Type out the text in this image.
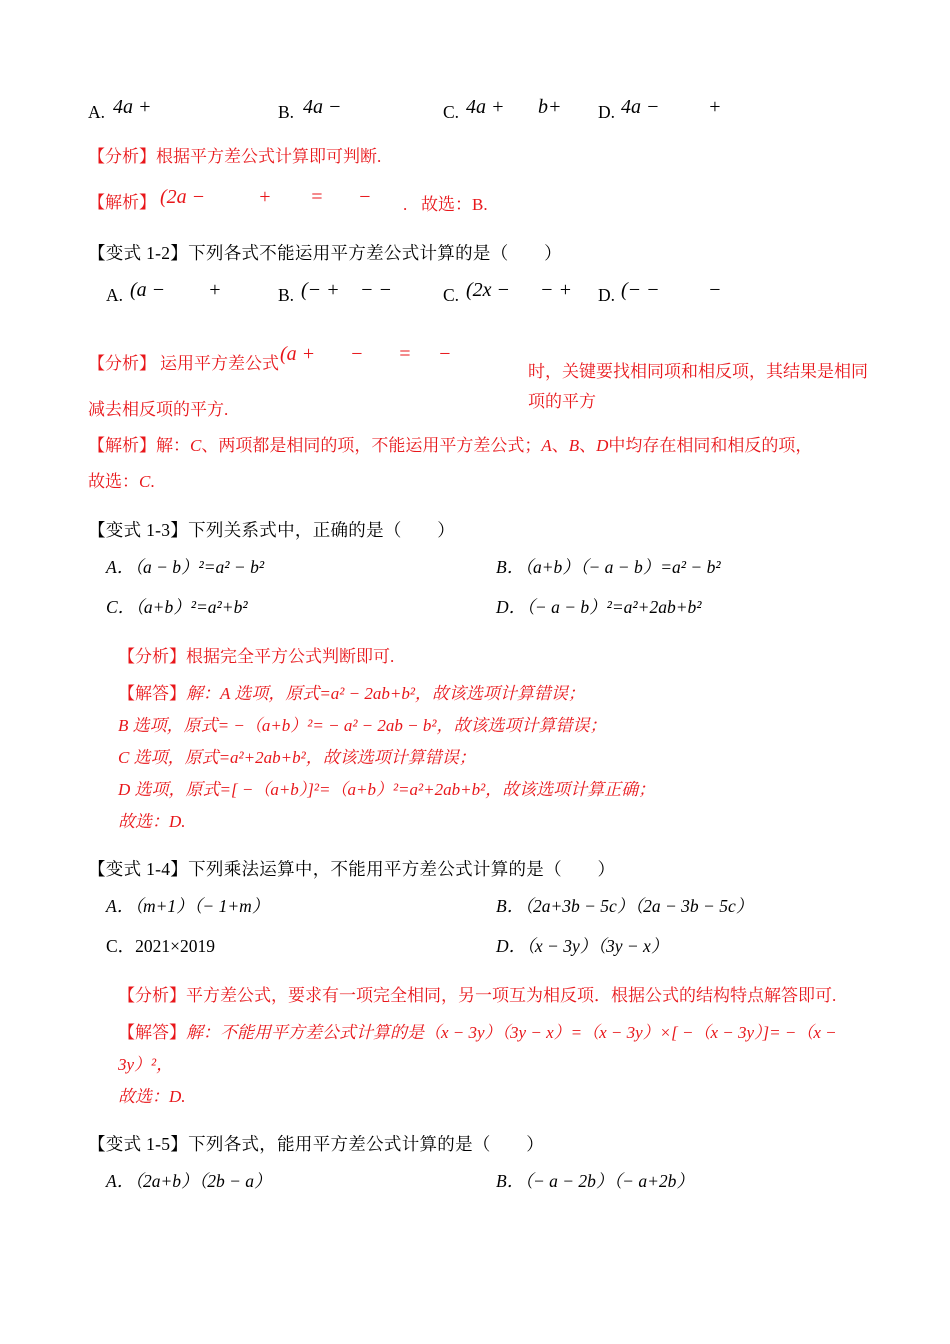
A. 4a +	B. 4a −	C. 4a + b+ D. 4a − +
【分析】根据平方差公式计算即可判断.
【解析】 (2a −	+ = − . 故选：B.
【变式 1-2】下列各式不能运用平方差公式计算的是（　　）
A. (a − +	B. (− + − −	C. (2x − − + D. (− − −
【分析】 运用平方差公式 (a + − = −
时，关键要找相同项和相反项，其结果是相同项的平方
减去相反项的平方.
【解析】解：C、两项都是相同的项，不能运用平方差公式；A、B、D中均存在相同和相反的项，
故选：C.
【变式 1-3】下列关系式中，正确的是（　　）
A．（a − b）²=a² − b²	B．（a+b）（− a − b）=a² − b²
C．（a+b）²=a²+b²	D．（− a − b）²=a²+2ab+b²
【分析】根据完全平方公式判断即可.
【解答】解：A 选项，原式=a² − 2ab+b²，故该选项计算错误；
B 选项，原式= −（a+b）²= − a² − 2ab − b²，故该选项计算错误；
C 选项，原式=a²+2ab+b²，故该选项计算错误；
D 选项，原式=[ −（a+b）]²=（a+b）²=a²+2ab+b²，故该选项计算正确；
故选：D.
【变式 1-4】下列乘法运算中，不能用平方差公式计算的是（　　）
A．（m+1）（− 1+m）	B．（2a+3b − 5c）（2a − 3b − 5c）
C．2021×2019	D．（x − 3y）（3y − x）
【分析】平方差公式，要求有一项完全相同，另一项互为相反项．根据公式的结构特点解答即可.
【解答】解：不能用平方差公式计算的是（x − 3y）（3y − x）=（x − 3y）×[ −（x − 3y）]= −（x −
3y）²，
故选：D.
【变式 1-5】下列各式，能用平方差公式计算的是（　　）
A．（2a+b）（2b − a）	B．（− a − 2b）（− a+2b）
